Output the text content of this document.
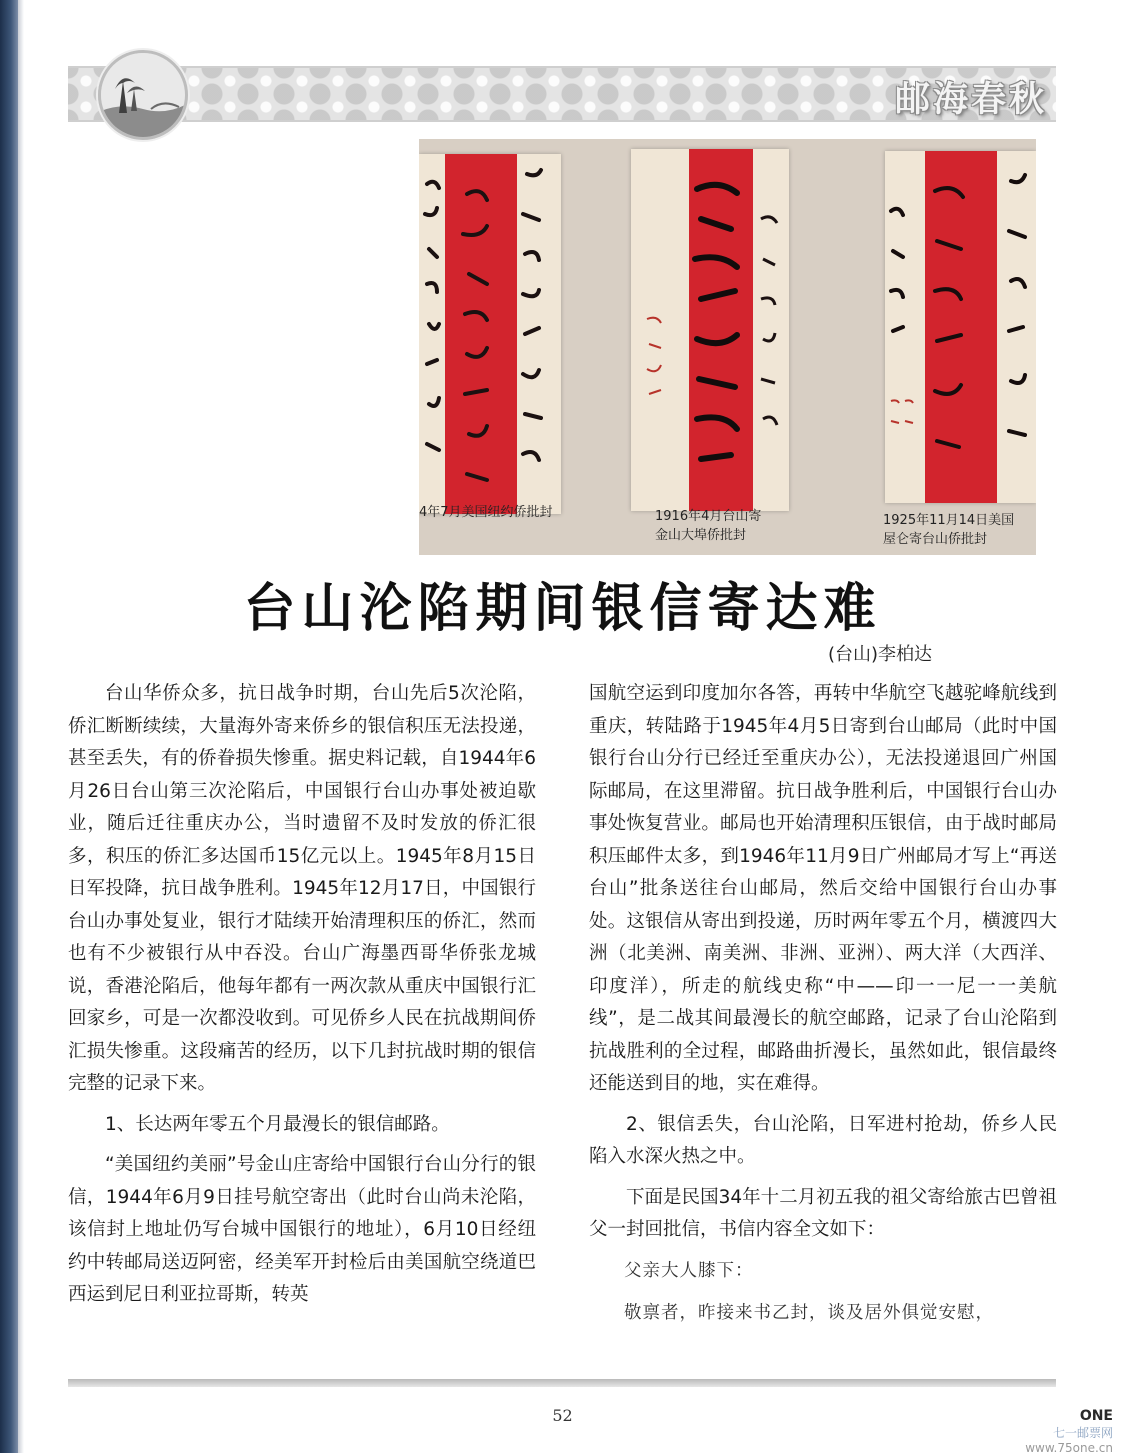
邮海春秋
4年7月美国纽约侨批封	1916年4月台山寄
金山大埠侨批封
1925年11月14日美国
屋仑寄台山侨批封
台山沦陷期间银信寄达难
(台山)李柏达

台山华侨众多，抗日战争时期，台山先后5次沦陷，侨汇断断续续，大量海外寄来侨乡的银信积压无法投递，甚至丢失，有的侨眷损失惨重。据史料记载，自1944年6月26日台山第三次沦陷后，中国银行台山办事处被迫歇业，随后迁往重庆办公，当时遗留不及时发放的侨汇很多，积压的侨汇多达国币15亿元以上。1945年8月15日日军投降，抗日战争胜利。1945年12月17日，中国银行台山办事处复业，银行才陆续开始清理积压的侨汇，然而也有不少被银行从中吞没。台山广海墨西哥华侨张龙城说，香港沦陷后，他每年都有一两次款从重庆中国银行汇回家乡，可是一次都没收到。可见侨乡人民在抗战期间侨汇损失惨重。这段痛苦的经历，以下几封抗战时期的银信完整的记录下来。

1、长达两年零五个月最漫长的银信邮路。

“美国纽约美丽”号金山庄寄给中国银行台山分行的银信，1944年6月9日挂号航空寄出（此时台山尚未沦陷，该信封上地址仍写台城中国银行的地址），6月10日经纽约中转邮局送迈阿密，经美军开封检后由美国航空绕道巴西运到尼日利亚拉哥斯，转英

国航空运到印度加尔各答，再转中华航空飞越驼峰航线到重庆，转陆路于1945年4月5日寄到台山邮局（此时中国银行台山分行已经迁至重庆办公），无法投递退回广州国际邮局，在这里滞留。抗日战争胜利后，中国银行台山办事处恢复营业。邮局也开始清理积压银信，由于战时邮局积压邮件太多，到1946年11月9日广州邮局才写上“再送台山”批条送往台山邮局，然后交给中国银行台山办事处。这银信从寄出到投递，历时两年零五个月，横渡四大洲（北美洲、南美洲、非洲、亚洲）、两大洋（大西洋、印度洋），所走的航线史称“中——印一一尼一一美航线”，是二战其间最漫长的航空邮路，记录了台山沦陷到抗战胜利的全过程，邮路曲折漫长，虽然如此，银信最终还能送到目的地，实在难得。

2、银信丢失，台山沦陷，日军进村抢劫，侨乡人民陷入水深火热之中。

下面是民国34年十二月初五我的祖父寄给旅古巴曾祖父一封回批信，书信内容全文如下：

父亲大人膝下：

敬禀者，昨接来书乙封，谈及居外俱觉安慰，

52	ONE
七一邮票网
www.75one.cn
